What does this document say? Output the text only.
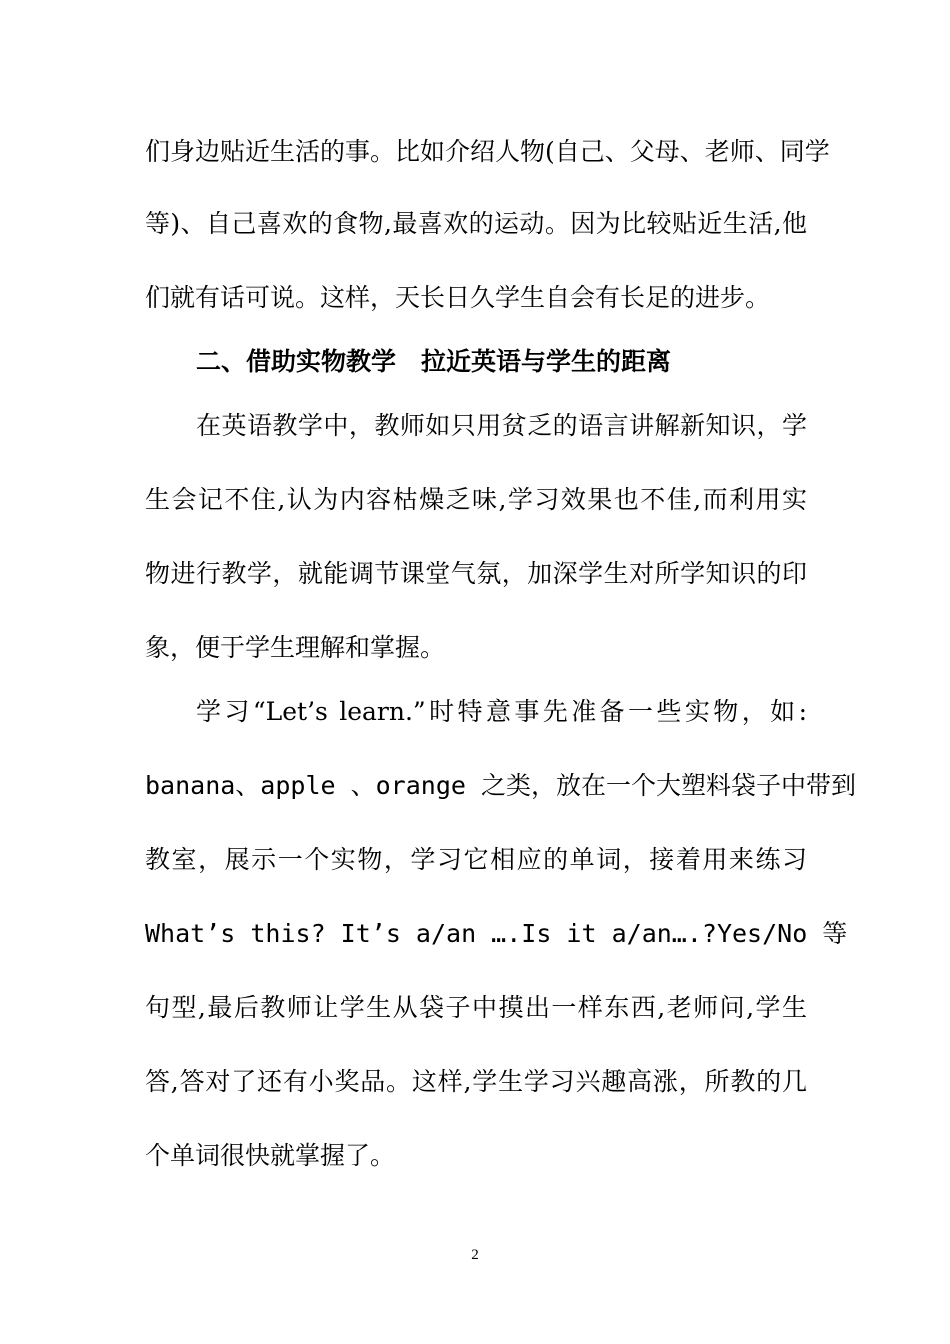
们身边贴近生活的事。比如介绍人物(自己、父母、老师、同学
等)、自己喜欢的食物,最喜欢的运动。因为比较贴近生活,他
们就有话可说。这样，天长日久学生自会有长足的进步。
二、借助实物教学　拉近英语与学生的距离
在英语教学中，教师如只用贫乏的语言讲解新知识，学
生会记不住,认为内容枯燥乏味,学习效果也不佳,而利用实
物进行教学，就能调节课堂气氛，加深学生对所学知识的印
象，便于学生理解和掌握。
学习“Let’s learn.”时特意事先准备一些实物，如:
banana、apple 、orange 之类，放在一个大塑料袋子中带到
教室，展示一个实物，学习它相应的单词，接着用来练习
What’s this? It’s a/an ….Is it a/an….?Yes/No 等
句型,最后教师让学生从袋子中摸出一样东西,老师问,学生
答,答对了还有小奖品。这样,学生学习兴趣高涨，所教的几
个单词很快就掌握了。
2
